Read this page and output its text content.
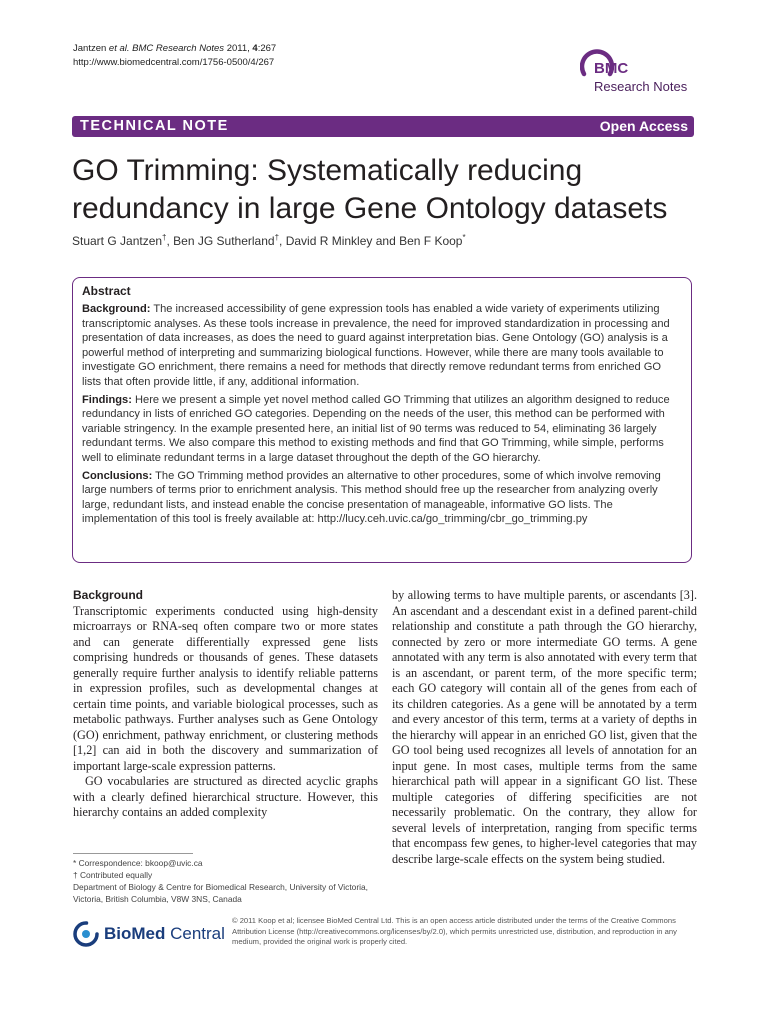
Jantzen et al. BMC Research Notes 2011, 4:267
http://www.biomedcentral.com/1756-0500/4/267	BMC
Research Notes
TECHNICAL NOTE	Open Access
GO Trimming: Systematically reducing redundancy in large Gene Ontology datasets
Stuart G Jantzen†, Ben JG Sutherland†, David R Minkley and Ben F Koop*
Abstract

Background: The increased accessibility of gene expression tools has enabled a wide variety of experiments utilizing transcriptomic analyses. As these tools increase in prevalence, the need for improved standardization in processing and presentation of data increases, as does the need to guard against interpretation bias. Gene Ontology (GO) analysis is a powerful method of interpreting and summarizing biological functions. However, while there are many tools available to investigate GO enrichment, there remains a need for methods that directly remove redundant terms from enriched GO lists that often provide little, if any, additional information.

Findings: Here we present a simple yet novel method called GO Trimming that utilizes an algorithm designed to reduce redundancy in lists of enriched GO categories. Depending on the needs of the user, this method can be performed with variable stringency. In the example presented here, an initial list of 90 terms was reduced to 54, eliminating 36 largely redundant terms. We also compare this method to existing methods and find that GO Trimming, while simple, performs well to eliminate redundant terms in a large dataset throughout the depth of the GO hierarchy.

Conclusions: The GO Trimming method provides an alternative to other procedures, some of which involve removing large numbers of terms prior to enrichment analysis. This method should free up the researcher from analyzing overly large, redundant lists, and instead enable the concise presentation of manageable, informative GO lists. The implementation of this tool is freely available at: http://lucy.ceh.uvic.ca/go_trimming/cbr_go_trimming.py

Background

Transcriptomic experiments conducted using high-density microarrays or RNA-seq often compare two or more states and can generate differentially expressed gene lists comprising hundreds or thousands of genes. These datasets generally require further analysis to identify reliable patterns in expression profiles, such as developmental changes at certain time points, and variable biological processes, such as metabolic pathways. Further analyses such as Gene Ontology (GO) enrichment, pathway enrichment, or clustering methods [1,2] can aid in both the discovery and summarization of important large-scale expression patterns.

GO vocabularies are structured as directed acyclic graphs with a clearly defined hierarchical structure. However, this hierarchy contains an added complexity

by allowing terms to have multiple parents, or ascendants [3]. An ascendant and a descendant exist in a defined parent-child relationship and constitute a path through the GO hierarchy, connected by zero or more intermediate GO terms. A gene annotated with any term is also annotated with every term that is an ascendant, or parent term, of the more specific term; each GO category will contain all of the genes from each of its children categories. As a gene will be annotated by a term and every ancestor of this term, terms at a variety of depths in the hierarchy will appear in an enriched GO list, given that the GO tool being used recognizes all levels of annotation for an input gene. In most cases, multiple terms from the same hierarchical path will appear in a significant GO list. These multiple categories of differing specificities are not necessarily problematic. On the contrary, they allow for several levels of interpretation, ranging from specific terms that encompass few genes, to higher-level categories that may describe large-scale effects on the system being studied.

* Correspondence: bkoop@uvic.ca

† Contributed equally

Department of Biology & Centre for Biomedical Research, University of Victoria, Victoria, British Columbia, V8W 3NS, Canada

BioMed Central
© 2011 Koop et al; licensee BioMed Central Ltd. This is an open access article distributed under the terms of the Creative Commons Attribution License (http://creativecommons.org/licenses/by/2.0), which permits unrestricted use, distribution, and reproduction in any medium, provided the original work is properly cited.
